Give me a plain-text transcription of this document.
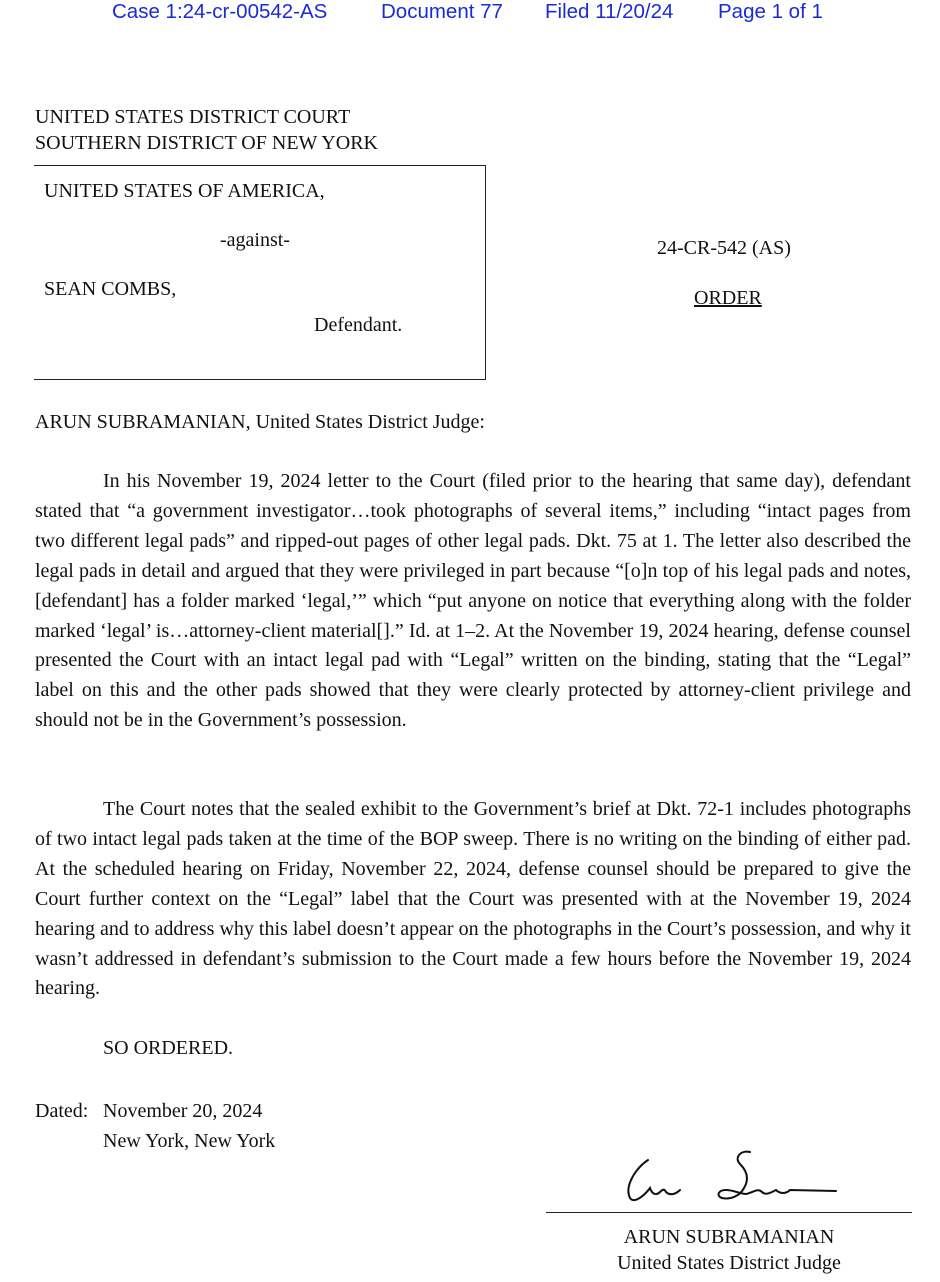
Case 1:24-cr-00542-AS	Document 77 Filed 11/20/24 Page 1 of 1
UNITED STATES DISTRICT COURT
SOUTHERN DISTRICT OF NEW YORK
UNITED STATES OF AMERICA,
-against-
SEAN COMBS,
Defendant.
24-CR-542 (AS)
ORDER
ARUN SUBRAMANIAN, United States District Judge:

In his November 19, 2024 letter to the Court (filed prior to the hearing that same day), defendant stated that “a government investigator…took photographs of several items,” including “intact pages from two different legal pads” and ripped-out pages of other legal pads. Dkt. 75 at 1. The letter also described the legal pads in detail and argued that they were privileged in part because “[o]n top of his legal pads and notes, [defendant] has a folder marked ‘legal,’” which “put anyone on notice that everything along with the folder marked ‘legal’ is…attorney-client material[].” Id. at 1–2. At the November 19, 2024 hearing, defense counsel presented the Court with an intact legal pad with “Legal” written on the binding, stating that the “Legal” label on this and the other pads showed that they were clearly protected by attorney-client privilege and should not be in the Government’s possession.

The Court notes that the sealed exhibit to the Government’s brief at Dkt. 72-1 includes photographs of two intact legal pads taken at the time of the BOP sweep. There is no writing on the binding of either pad. At the scheduled hearing on Friday, November 22, 2024, defense counsel should be prepared to give the Court further context on the “Legal” label that the Court was presented with at the November 19, 2024 hearing and to address why this label doesn’t appear on the photographs in the Court’s possession, and why it wasn’t addressed in defendant’s submission to the Court made a few hours before the November 19, 2024 hearing.

SO ORDERED.
Dated: November 20, 2024
New York, New York
ARUN SUBRAMANIAN
United States District Judge
